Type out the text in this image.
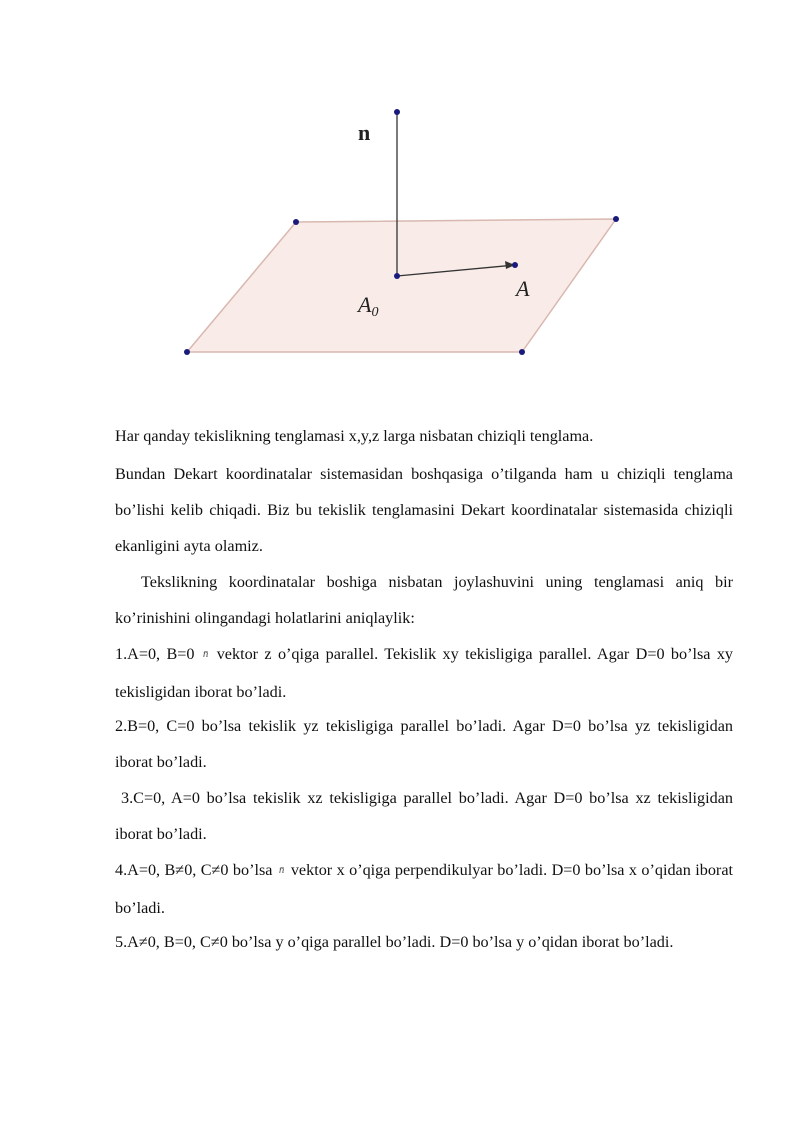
n
A0
A

Har qanday tekislikning tenglamasi x,y,z larga nisbatan chiziqli tenglama.

Bundan Dekart koordinatalar sistemasidan boshqasiga o’tilganda ham u chiziqli tenglama bo’lishi kelib chiqadi. Biz bu tekislik tenglamasini Dekart koordinatalar sistemasida chiziqli ekanligini ayta olamiz.

Tekslikning koordinatalar boshiga nisbatan joylashuvini uning tenglamasi aniq bir ko’rinishini olingandagi holatlarini aniqlaylik:

1.A=0, B=0 n̄ vektor z o’qiga parallel. Tekislik xy tekisligiga parallel. Agar D=0 bo’lsa xy tekisligidan iborat bo’ladi.

2.B=0, C=0 bo’lsa tekislik yz tekisligiga parallel bo’ladi. Agar D=0 bo’lsa yz tekisligidan iborat bo’ladi.

3.C=0, A=0 bo’lsa tekislik xz tekisligiga parallel bo’ladi. Agar D=0 bo’lsa xz tekisligidan iborat bo’ladi.

4.A=0, B≠0, C≠0 bo’lsa n̄ vektor x o’qiga perpendikulyar bo’ladi. D=0 bo’lsa x o’qidan iborat bo’ladi.

5.A≠0, B=0, C≠0 bo’lsa y o’qiga parallel bo’ladi. D=0 bo’lsa y o’qidan iborat bo’ladi.
